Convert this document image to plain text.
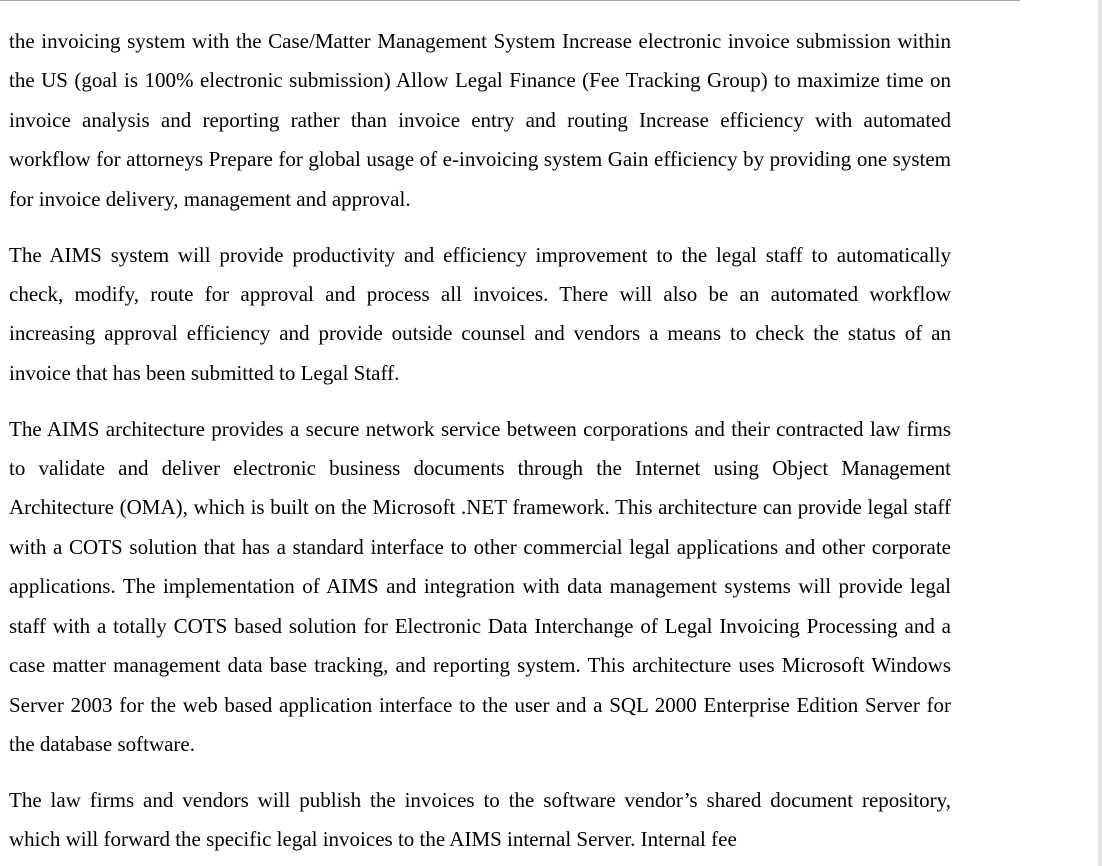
the invoicing system with the Case/Matter Management System Increase electronic invoice submission within the US (goal is 100% electronic submission) Allow Legal Finance (Fee Tracking Group) to maximize time on invoice analysis and reporting rather than invoice entry and routing Increase efficiency with automated workflow for attorneys Prepare for global usage of e-invoicing system Gain efficiency by providing one system for invoice delivery, management and approval.

The AIMS system will provide productivity and efficiency improvement to the legal staff to automatically check, modify, route for approval and process all invoices. There will also be an automated workflow increasing approval efficiency and provide outside counsel and vendors a means to check the status of an invoice that has been submitted to Legal Staff.

The AIMS architecture provides a secure network service between corporations and their contracted law firms to validate and deliver electronic business documents through the Internet using Object Management Architecture (OMA), which is built on the Microsoft .NET framework. This architecture can provide legal staff with a COTS solution that has a standard interface to other commercial legal applications and other corporate applications. The implementation of AIMS and integration with data management systems will provide legal staff with a totally COTS based solution for Electronic Data Interchange of Legal Invoicing Processing and a case matter management data base tracking, and reporting system. This architecture uses Microsoft Windows Server 2003 for the web based application interface to the user and a SQL 2000 Enterprise Edition Server for the database software.

The law firms and vendors will publish the invoices to the software vendor’s shared document repository, which will forward the specific legal invoices to the AIMS internal Server. Internal fee
